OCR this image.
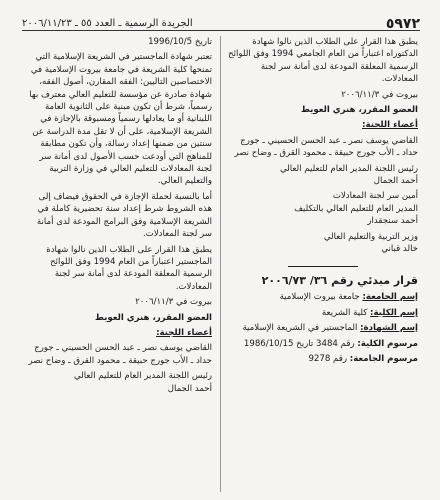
٥٩٧٢
الجريدة الرسمية ـ العدد ٥٥ ـ ٢٠٠٦/١١/٢٣

يطبق هذا القرار على الطلاب الذين نالوا شهادة الدكتوراه اعتباراً من العام الجامعي 1994 وفق اللوائح الرسمية المعلقة المودعة لدى أمانة سر لجنة المعادلات.

بيروت في ٢٠٠٦/١١/٣

العضو المقرر، هنري العويط

أعضاء اللجنة:

القاضي يوسف نصر ـ عبد الحسن الحسيني ـ جورج حداد ـ الأب جورج حبيقة ـ محمود القرق ـ وضاح نصر

رئيس اللجنة المدير العام للتعليم العالي

أحمد الجمال

أمين سر لجنة المعادلات

المدير العام للتعليم العالي بالتكليف

أحمد سنجقدار

وزير التربية والتعليم العالي

خالد قباني

قرار مبدئي رقم ٣٦/ ٢٠٠٦/٧٣

إسم الجامعة: جامعة بيروت الإسلامية

إسم الكلية: كلية الشريعة

إسم الشهادة: الماجستير في الشريعة الإسلامية

مرسوم الكلية: رقم 3484 تاريخ 1986/10/15

مرسوم الجامعة: رقم 9278

تاريخ 1996/10/5

تعتبر شهادة الماجستير في الشريعة الإسلامية التي تمنحها كلية الشريعة في جامعة بيروت الإسلامية في الاختصاصين التاليين: الفقه المقارن، أصول الفقه، شهادة صادرة عن مؤسسة للتعليم العالي معترف بها رسمياً، شرط أن تكون مبنية على الثانوية العامة اللبنانية أو ما يعادلها رسمياً ومسبوقة بالإجازة في الشريعة الإسلامية، على أن لا تقل مدة الدراسة عن سنتين من ضمنها إعداد رسالة، وأن تكون مطابقة للمناهج التي أودعت حسب الأصول لدى أمانة سر لجنة المعادلات للتعليم العالي في وزارة التربية والتعليم العالي.

أما بالنسبة لحملة الإجازة في الحقوق فيضاف إلى هذه الشروط شرط إعداد سنة تحضيرية كاملة في الشريعة الإسلامية وفق البرامج المودعة لدى أمانة سر لجنة المعادلات.

يطبق هذا القرار على الطلاب الذين نالوا شهادة الماجستير اعتباراً من العام 1994 وفق اللوائح الرسمية المعلقة المودعة لدى أمانة سر لجنة المعادلات.

بيروت في ٢٠٠٦/١١/٣

العضو المقرر، هنري العويط

أعضاء اللجنة:

القاضي يوسف نصر ـ عبد الحسن الحسيني ـ جورج حداد ـ الأب جورج حبيقة ـ محمود القرق ـ وضاح نصر

رئيس اللجنة المدير العام للتعليم العالي

أحمد الجمال
